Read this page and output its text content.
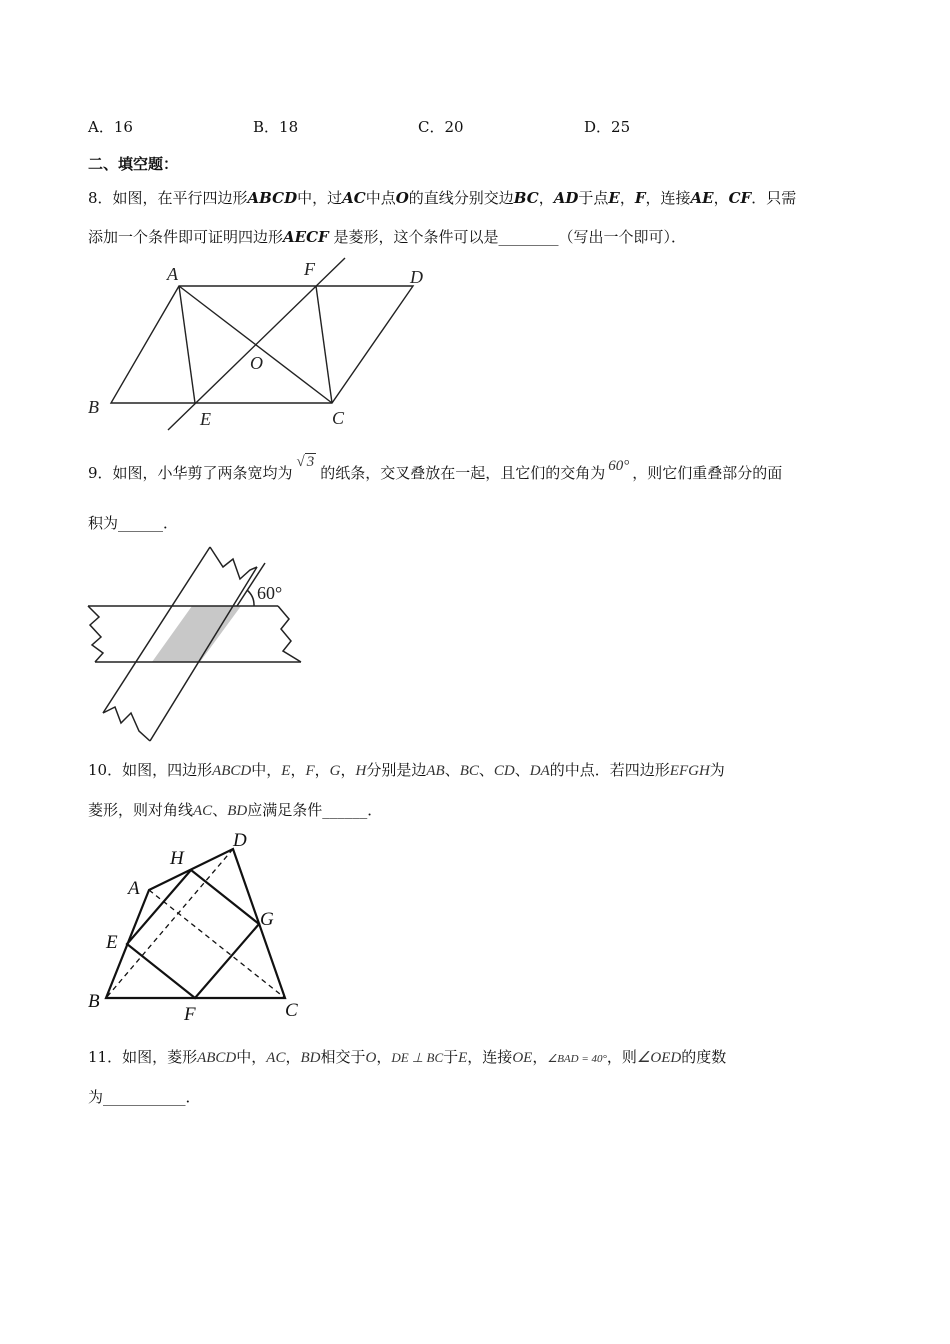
A．16	B．18	C．20	D．25
二、填空题：
8．如图，在平行四边形ABCD中，过AC中点O的直线分别交边BC，AD于点E，F，连接AE，CF．只需
添加一个条件即可证明四边形AECF 是菱形，这个条件可以是________（写出一个即可）．
A	F	D
O
B
E	C
9．如图，小华剪了两条宽均为√ 3的纸条，交叉叠放在一起，且它们的交角为 60° ，则它们重叠部分的面
积为______．
60°
10．如图，四边形ABCD中，E，F，G，H分别是边AB、BC、CD、DA的中点．若四边形EFGH为
菱形，则对角线AC、BD应满足条件______．
A
H
D
E
G
B
F	C
11．如图，菱形ABCD中，AC，BD相交于O，DE ⊥ BC于E，连接OE，∠BAD = 40°，则∠OED的度数
为___________．
